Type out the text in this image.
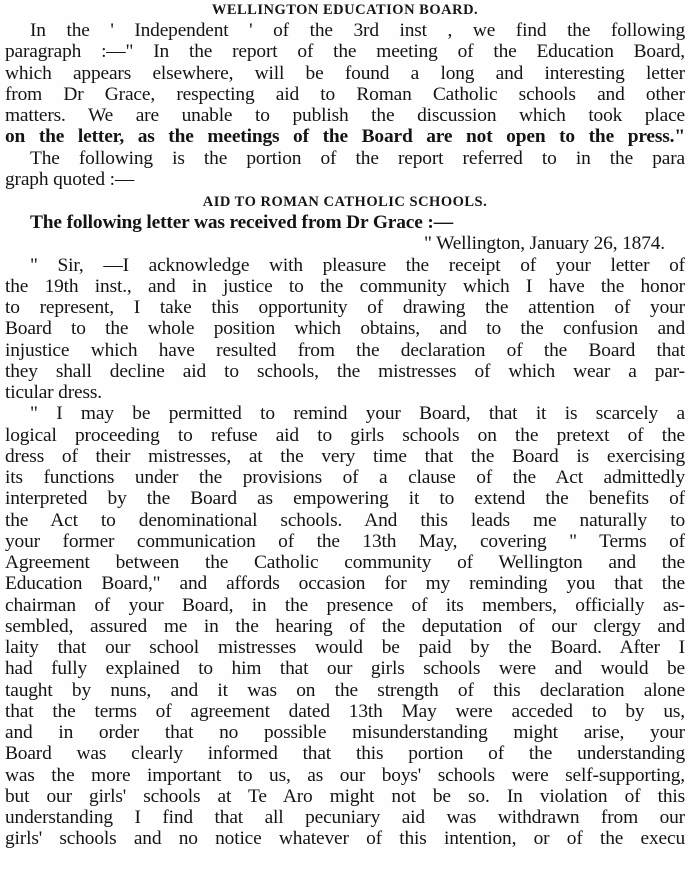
WELLINGTON EDUCATION BOARD.
In the ' Independent ' of the 3rd inst , we find the following
paragraph :—" In the report of the meeting of the Education Board,
which appears elsewhere, will be found a long and interesting letter
from Dr Grace, respecting aid to Roman Catholic schools and other
matters. We are unable to publish the discussion which took place
on the letter, as the meetings of the Board are not open to the press."
The following is the portion of the report referred to in the para
graph quoted :—
AID TO ROMAN CATHOLIC SCHOOLS.
The following letter was received from Dr Grace :—
" Wellington, January 26, 1874.
" Sir, —I acknowledge with pleasure the receipt of your letter of
the 19th inst., and in justice to the community which I have the honor
to represent, I take this opportunity of drawing the attention of your
Board to the whole position which obtains, and to the confusion and
injustice which have resulted from the declaration of the Board that
they shall decline aid to schools, the mistresses of which wear a par-
ticular dress.
" I may be permitted to remind your Board, that it is scarcely a
logical proceeding to refuse aid to girls schools on the pretext of the
dress of their mistresses, at the very time that the Board is exercising
its functions under the provisions of a clause of the Act admittedly
interpreted by the Board as empowering it to extend the benefits of
the Act to denominational schools. And this leads me naturally to
your former communication of the 13th May, covering " Terms of
Agreement between the Catholic community of Wellington and the
Education Board," and affords occasion for my reminding you that the
chairman of your Board, in the presence of its members, officially as-
sembled, assured me in the hearing of the deputation of our clergy and
laity that our school mistresses would be paid by the Board. After I
had fully explained to him that our girls schools were and would be
taught by nuns, and it was on the strength of this declaration alone
that the terms of agreement dated 13th May were acceded to by us,
and in order that no possible misunderstanding might arise, your
Board was clearly informed that this portion of the understanding
was the more important to us, as our boys' schools were self-supporting,
but our girls' schools at Te Aro might not be so. In violation of this
understanding I find that all pecuniary aid was withdrawn from our
girls' schools and no notice whatever of this intention, or of the execu
